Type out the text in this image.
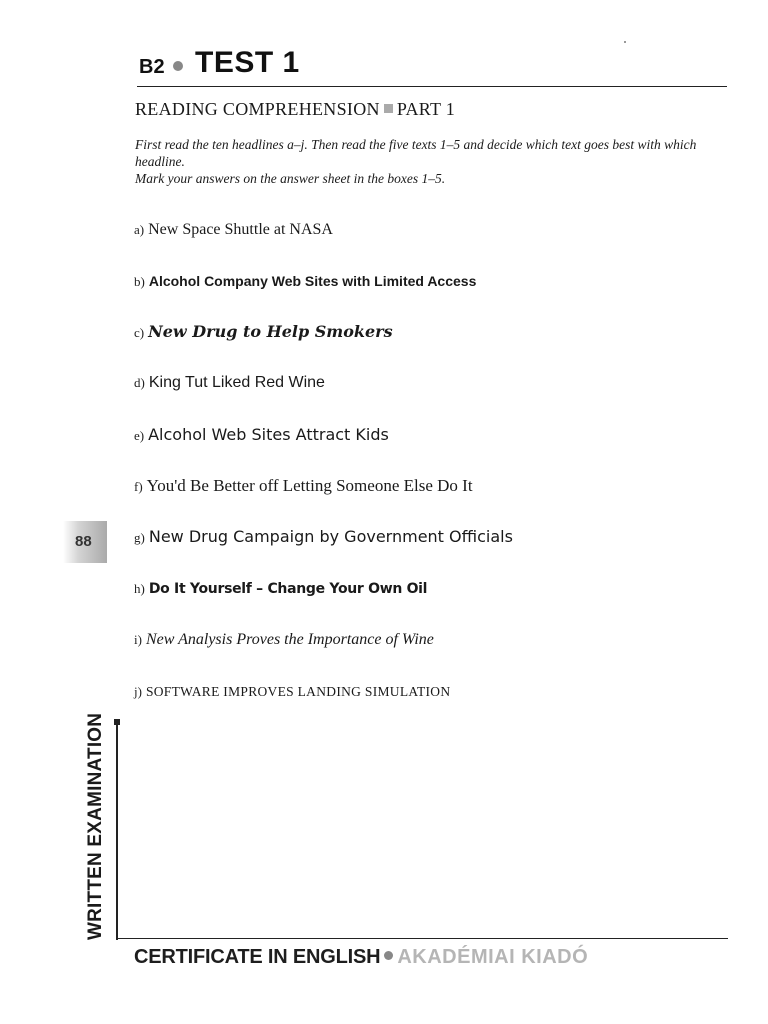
B2 TEST 1
READING COMPREHENSION PART 1
First read the ten headlines a–j. Then read the five texts 1–5 and decide which text goes best with which headline.
Mark your answers on the answer sheet in the boxes 1–5.
a) New Space Shuttle at NASA
b) Alcohol Company Web Sites with Limited Access
c) New Drug to Help Smokers
d) King Tut Liked Red Wine
e) Alcohol Web Sites Attract Kids
f) You'd Be Better off Letting Someone Else Do It
g) New Drug Campaign by Government Officials
h) Do It Yourself – Change Your Own Oil
i) New Analysis Proves the Importance of Wine
j) SOFTWARE IMPROVES LANDING SIMULATION
88
WRITTEN EXAMINATION
CERTIFICATE IN ENGLISH AKADÉMIAI KIADÓ
